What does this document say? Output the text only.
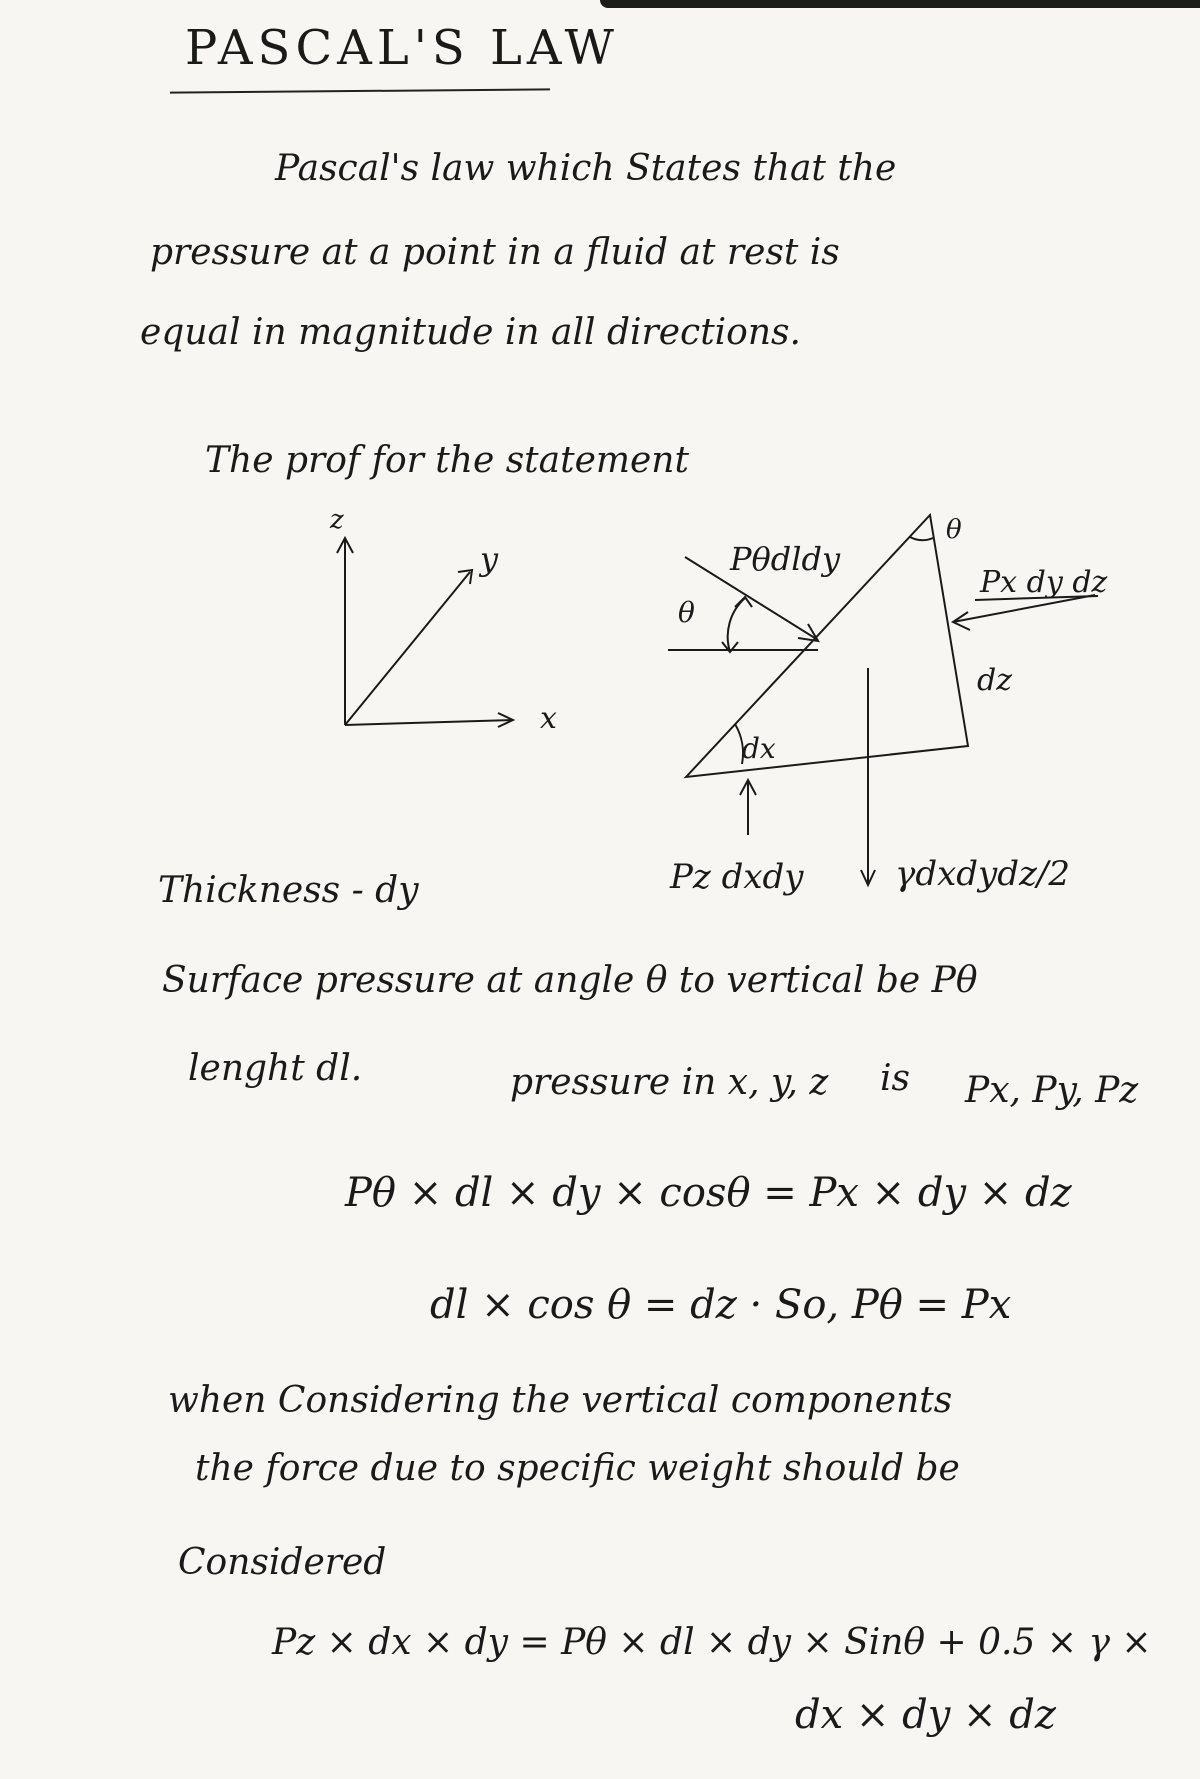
PASCAL'S LAW
Pascal's law which States that the
pressure at a point in a fluid at rest is
equal in magnitude in all directions.
The prof for the statement
z
y
x
θ
θ
Pθdldy
Px dy dz
dz
dx
Pz dxdy	γdxdydz/2
Thickness - dy
Surface pressure at angle θ to vertical be Pθ
lenght dl.	pressure in x, y, z is Px, Py, Pz
Pθ × dl × dy × cosθ = Px × dy × dz
dl × cos θ = dz · So, Pθ = Px
when Considering the vertical components
the force due to specific weight should be
Considered
Pz × dx × dy = Pθ × dl × dy × Sinθ + 0.5 × γ ×
dx × dy × dz
